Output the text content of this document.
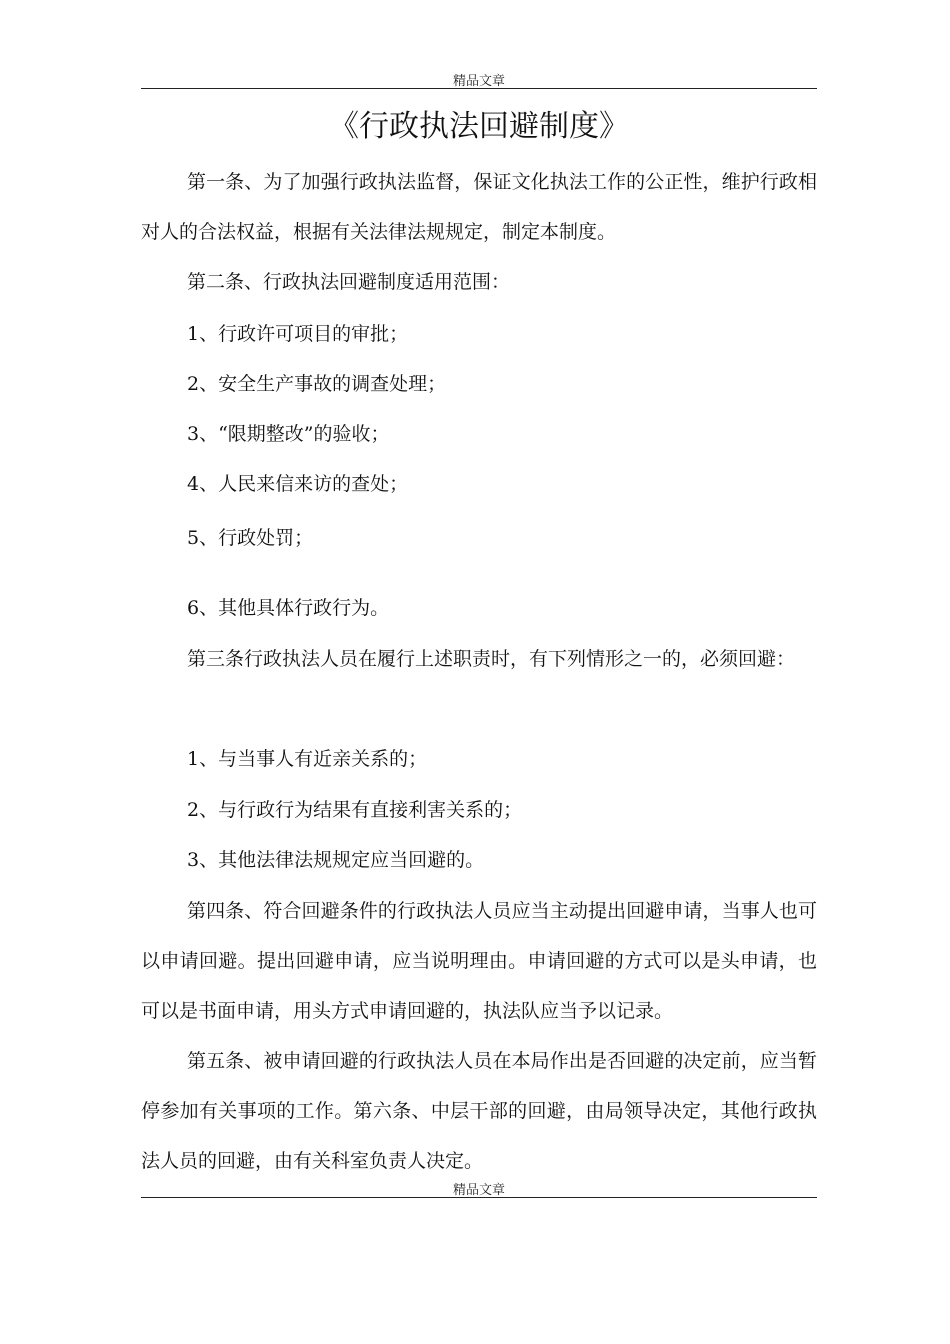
精品文章
《行政执法回避制度》

第一条、为了加强行政执法监督，保证文化执法工作的公正性，维护行政相对人的合法权益，根据有关法律法规规定，制定本制度。

第二条、行政执法回避制度适用范围：

1、行政许可项目的审批；

2、安全生产事故的调查处理；

3、“限期整改”的验收；

4、人民来信来访的查处；

5、行政处罚；

6、其他具体行政行为。

第三条行政执法人员在履行上述职责时，有下列情形之一的，必须回避：

1、与当事人有近亲关系的；

2、与行政行为结果有直接利害关系的；

3、其他法律法规规定应当回避的。

第四条、符合回避条件的行政执法人员应当主动提出回避申请，当事人也可以申请回避。提出回避申请，应当说明理由。申请回避的方式可以是头申请，也可以是书面申请，用头方式申请回避的，执法队应当予以记录。

第五条、被申请回避的行政执法人员在本局作出是否回避的决定前，应当暂停参加有关事项的工作。第六条、中层干部的回避，由局领导决定，其他行政执法人员的回避，由有关科室负责人决定。

精品文章
